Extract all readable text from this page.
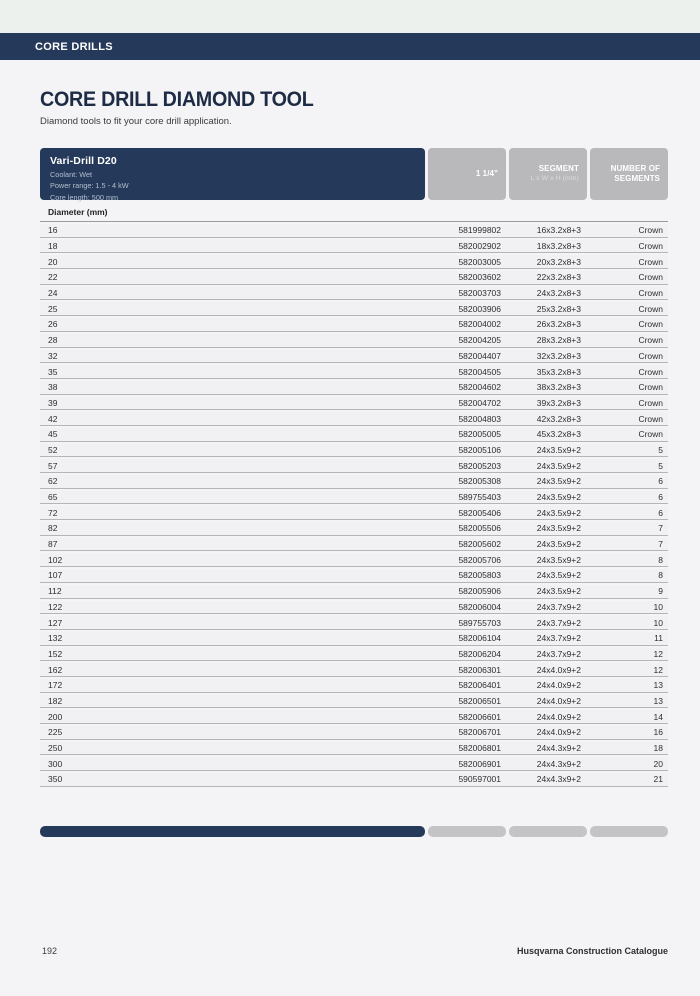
CORE DRILLS
CORE DRILL DIAMOND TOOL
Diamond tools to fit your core drill application.
Vari-Drill D20
Coolant: Wet
Power range: 1.5 - 4 kW
Core length: 500 mm
1 1/4"	SEGMENT
L x W x H (mm)
NUMBER OF
SEGMENTS
Diameter (mm)
16	581999802	16x3.2x8+3	Crown
18	582002902	18x3.2x8+3	Crown
20	582003005	20x3.2x8+3	Crown
22	582003602	22x3.2x8+3	Crown
24	582003703	24x3.2x8+3	Crown
25	582003906	25x3.2x8+3	Crown
26	582004002	26x3.2x8+3	Crown
28	582004205	28x3.2x8+3	Crown
32	582004407	32x3.2x8+3	Crown
35	582004505	35x3.2x8+3	Crown
38	582004602	38x3.2x8+3	Crown
39	582004702	39x3.2x8+3	Crown
42	582004803	42x3.2x8+3	Crown
45	582005005	45x3.2x8+3	Crown
52	582005106	24x3.5x9+2	5
57	582005203	24x3.5x9+2	5
62	582005308	24x3.5x9+2	6
65	589755403	24x3.5x9+2	6
72	582005406	24x3.5x9+2	6
82	582005506	24x3.5x9+2	7
87	582005602	24x3.5x9+2	7
102	582005706	24x3.5x9+2	8
107	582005803	24x3.5x9+2	8
112	582005906	24x3.5x9+2	9
122	582006004	24x3.7x9+2	10
127	589755703	24x3.7x9+2	10
132	582006104	24x3.7x9+2	11
152	582006204	24x3.7x9+2	12
162	582006301	24x4.0x9+2	12
172	582006401	24x4.0x9+2	13
182	582006501	24x4.0x9+2	13
200	582006601	24x4.0x9+2	14
225	582006701	24x4.0x9+2	16
250	582006801	24x4.3x9+2	18
300	582006901	24x4.3x9+2	20
350	590597001	24x4.3x9+2	21
192	Husqvarna Construction Catalogue
